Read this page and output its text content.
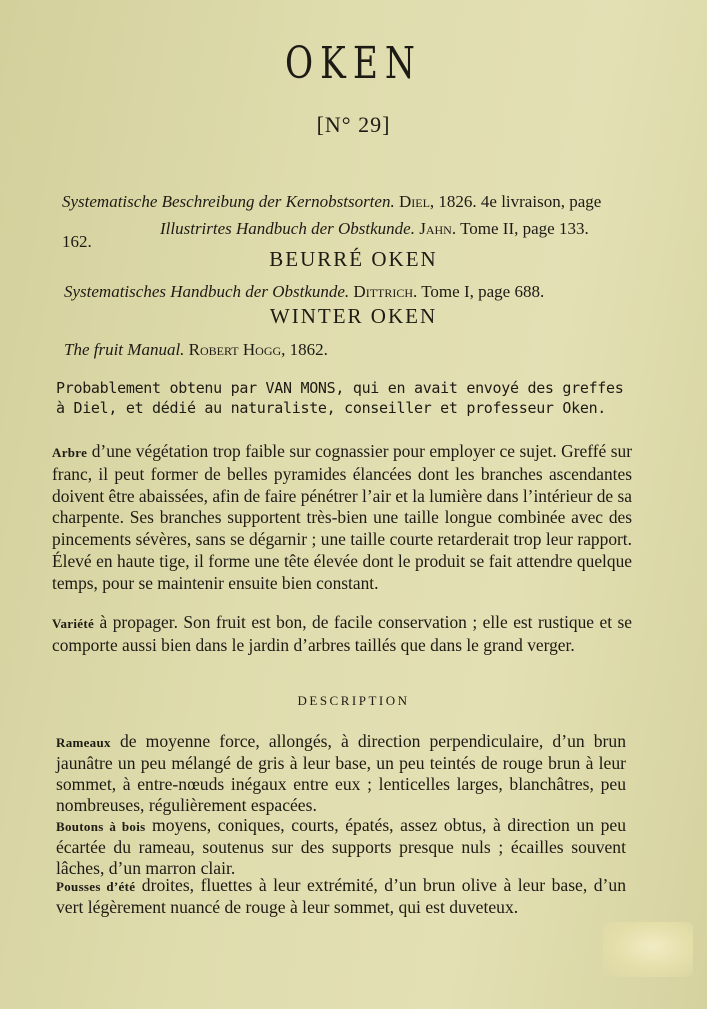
OKEN
[N° 29]
Systematische Beschreibung der Kernobstsorten. Diel, 1826. 4e livraison, page 162.
Illustrirtes Handbuch der Obstkunde. Jahn. Tome II, page 133.
BEURRÉ OKEN
Systematisches Handbuch der Obstkunde. Dittrich. Tome I, page 688.
WINTER OKEN
The fruit Manual. Robert Hogg, 1862.
Probablement obtenu par VAN MONS, qui en avait envoyé des greffes à Diel, et dédié au naturaliste, conseiller et professeur Oken.
Arbre d’une végétation trop faible sur cognassier pour employer ce sujet. Greffé sur franc, il peut former de belles pyramides élancées dont les branches ascendantes doivent être abaissées, afin de faire pénétrer l’air et la lumière dans l’intérieur de sa charpente. Ses branches supportent très-bien une taille longue combinée avec des pincements sévères, sans se dégarnir ; une taille courte retarderait trop leur rapport. Élevé en haute tige, il forme une tête élevée dont le produit se fait attendre quelque temps, pour se maintenir ensuite bien constant.
Variété à propager. Son fruit est bon, de facile conservation ; elle est rustique et se comporte aussi bien dans le jardin d’arbres taillés que dans le grand verger.
DESCRIPTION
Rameaux de moyenne force, allongés, à direction perpendiculaire, d’un brun jaunâtre un peu mélangé de gris à leur base, un peu teintés de rouge brun à leur sommet, à entre-nœuds inégaux entre eux ; lenticelles larges, blanchâtres, peu nombreuses, régulièrement espacées.
Boutons à bois moyens, coniques, courts, épatés, assez obtus, à direction un peu écartée du rameau, soutenus sur des supports presque nuls ; écailles souvent lâches, d’un marron clair.
Pousses d’été droites, fluettes à leur extrémité, d’un brun olive à leur base, d’un vert légèrement nuancé de rouge à leur sommet, qui est duveteux.
